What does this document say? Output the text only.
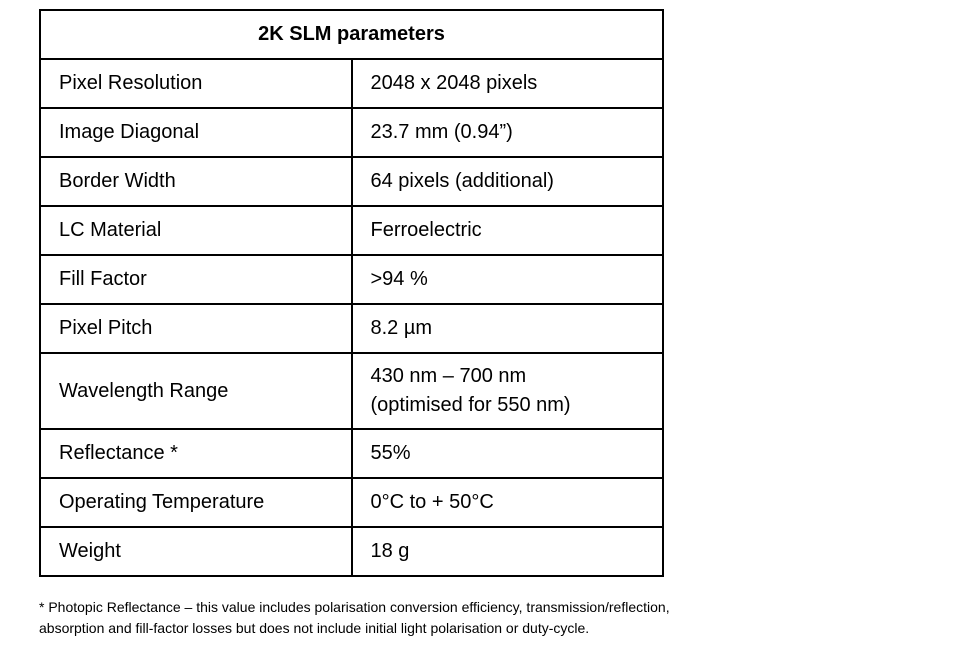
2K SLM parameters	
Pixel Resolution	2048 x 2048 pixels

Image Diagonal	23.7 mm (0.94”)

Border Width	64 pixels (additional)

LC Material	Ferroelectric

Fill Factor	>94 %

Pixel Pitch	8.2 µm

Wavelength Range	430 nm – 700 nm
(optimised for 550 nm)

Reflectance *	55%

Operating Temperature	0°C to + 50°C

Weight	18 g
* Photopic Reflectance – this value includes polarisation conversion efficiency, transmission/reflection, absorption and fill-factor losses but does not include initial light polarisation or duty-cycle.
